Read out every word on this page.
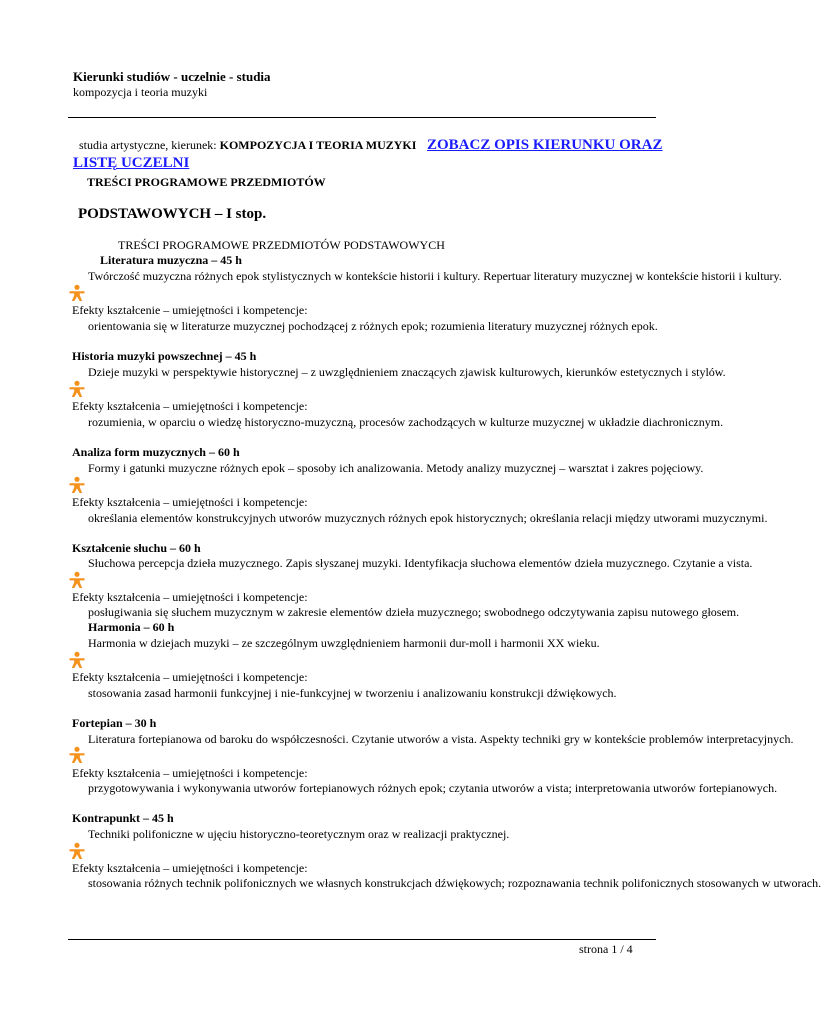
Kierunki studiów - uczelnie - studia
kompozycja i teoria muzyki
studia artystyczne, kierunek: KOMPOZYCJA I TEORIA MUZYKI ZOBACZ OPIS KIERUNKU ORAZ
LISTĘ UCZELNI
TREŚCI PROGRAMOWE PRZEDMIOTÓW
PODSTAWOWYCH – I stop.
TREŚCI PROGRAMOWE PRZEDMIOTÓW PODSTAWOWYCH
Literatura muzyczna – 45 h
Twórczość muzyczna różnych epok stylistycznych w kontekście historii i kultury. Repertuar literatury muzycznej w kontekście historii i kultury.
Efekty kształcenie – umiejętności i kompetencje:
orientowania się w literaturze muzycznej pochodzącej z różnych epok; rozumienia literatury muzycznej różnych epok.
Historia muzyki powszechnej – 45 h
Dzieje muzyki w perspektywie historycznej – z uwzględnieniem znaczących zjawisk kulturowych, kierunków estetycznych i stylów.
Efekty kształcenia – umiejętności i kompetencje:
rozumienia, w oparciu o wiedzę historyczno-muzyczną, procesów zachodzących w kulturze muzycznej w układzie diachronicznym.
Analiza form muzycznych – 60 h
Formy i gatunki muzyczne różnych epok – sposoby ich analizowania. Metody analizy muzycznej – warsztat i zakres pojęciowy.
Efekty kształcenia – umiejętności i kompetencje:
określania elementów konstrukcyjnych utworów muzycznych różnych epok historycznych; określania relacji między utworami muzycznymi.
Kształcenie słuchu – 60 h
Słuchowa percepcja dzieła muzycznego. Zapis słyszanej muzyki. Identyfikacja słuchowa elementów dzieła muzycznego. Czytanie a vista.
Efekty kształcenia – umiejętności i kompetencje:
posługiwania się słuchem muzycznym w zakresie elementów dzieła muzycznego; swobodnego odczytywania zapisu nutowego głosem.
Harmonia – 60 h
Harmonia w dziejach muzyki – ze szczególnym uwzględnieniem harmonii dur-moll i harmonii XX wieku.
Efekty kształcenia – umiejętności i kompetencje:
stosowania zasad harmonii funkcyjnej i nie-funkcyjnej w tworzeniu i analizowaniu konstrukcji dźwiękowych.
Fortepian – 30 h
Literatura fortepianowa od baroku do współczesności. Czytanie utworów a vista. Aspekty techniki gry w kontekście problemów interpretacyjnych.
Efekty kształcenia – umiejętności i kompetencje:
przygotowywania i wykonywania utworów fortepianowych różnych epok; czytania utworów a vista; interpretowania utworów fortepianowych.
Kontrapunkt – 45 h
Techniki polifoniczne w ujęciu historyczno-teoretycznym oraz w realizacji praktycznej.
Efekty kształcenia – umiejętności i kompetencje:
stosowania różnych technik polifonicznych we własnych konstrukcjach dźwiękowych; rozpoznawania technik polifonicznych stosowanych w utworach.
strona 1 / 4
